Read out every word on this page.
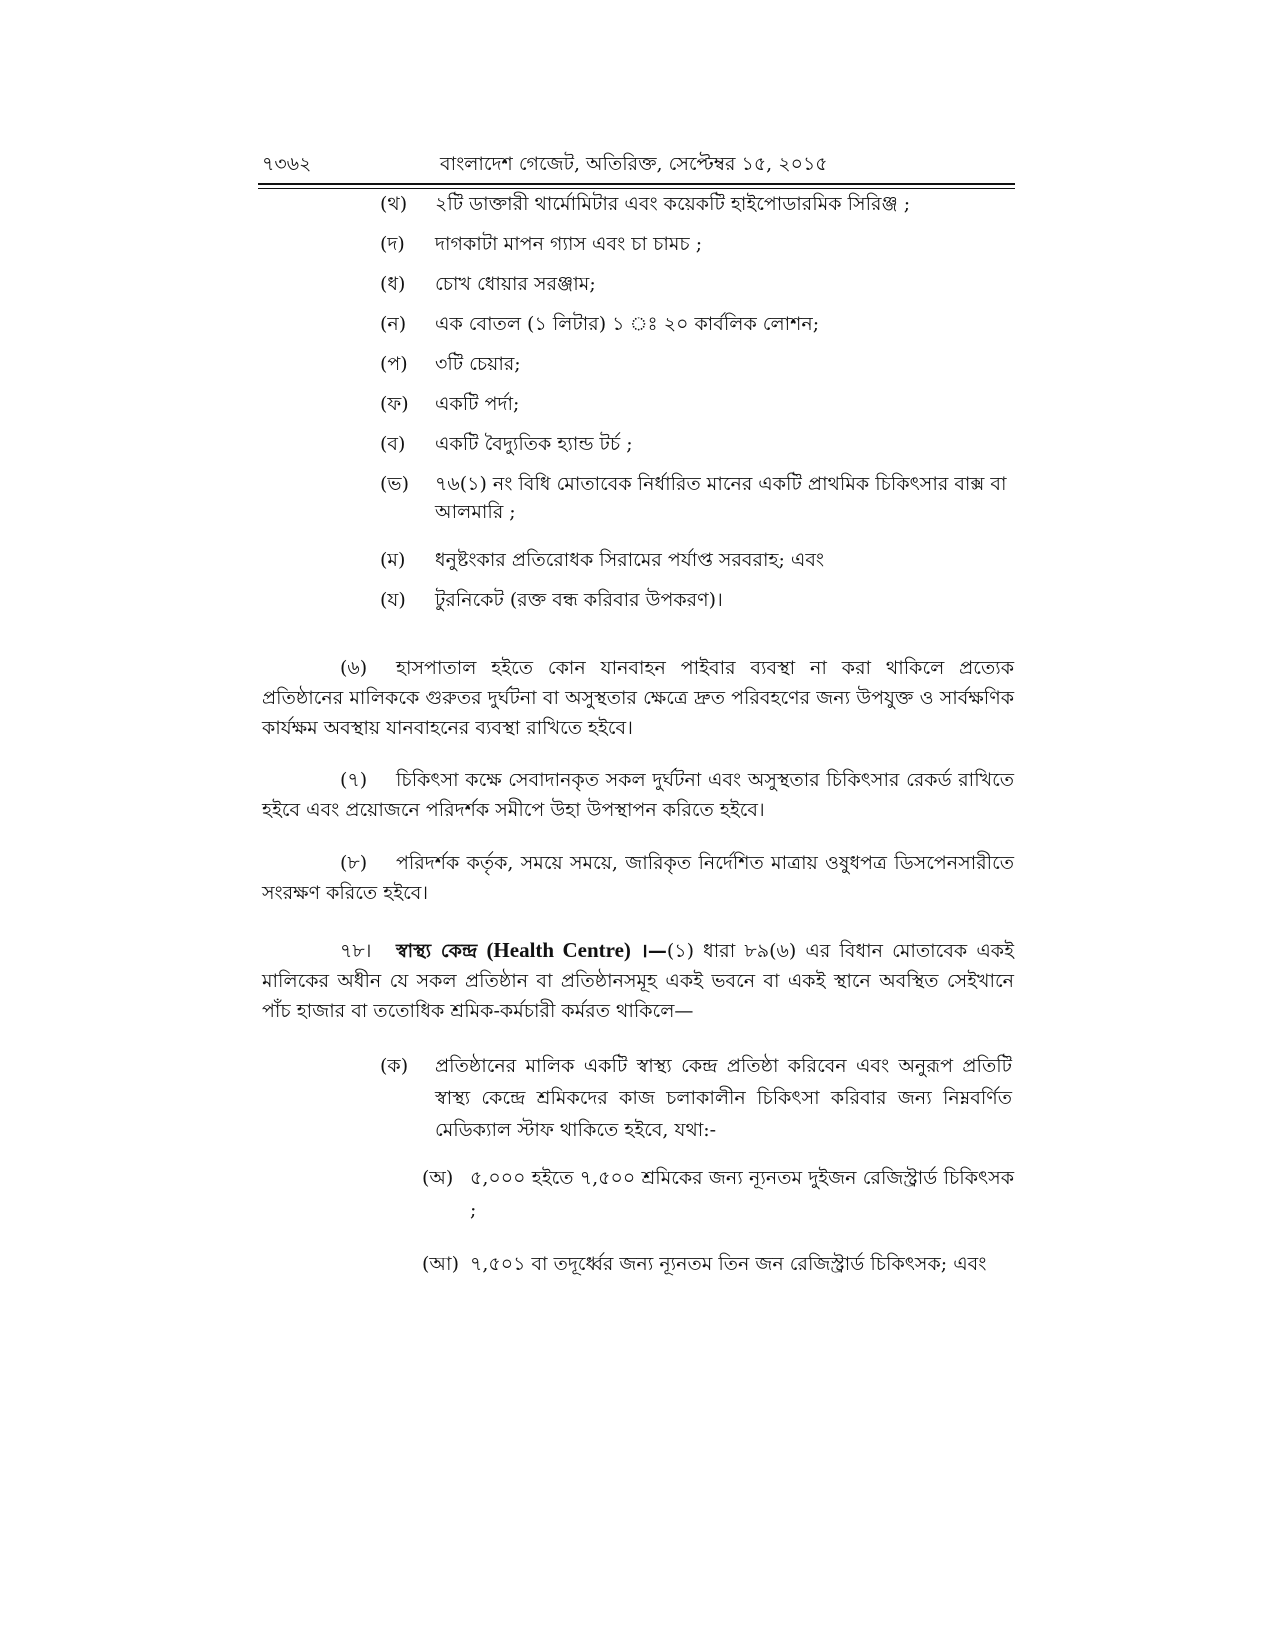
৭৩৬২	বাংলাদেশ গেজেট, অতিরিক্ত, সেপ্টেম্বর ১৫, ২০১৫
(থ) ২টি ডাক্তারী থার্মোমিটার এবং কয়েকটি হাইপোডারমিক সিরিঞ্জ ;
(দ) দাগকাটা মাপন গ্যাস এবং চা চামচ ;
(ধ) চোখ ধোয়ার সরঞ্জাম;
(ন) এক বোতল (১ লিটার) ১ ঃ ২০ কার্বলিক লোশন;
(প) ৩টি চেয়ার;
(ফ) একটি পর্দা;
(ব) একটি বৈদ্যুতিক হ্যান্ড টর্চ ;
(ভ) ৭৬(১) নং বিধি মোতাবেক নির্ধারিত মানের একটি প্রাথমিক চিকিৎসার বাক্স বা আলমারি ;
(ম) ধনুষ্টংকার প্রতিরোধক সিরামের পর্যাপ্ত সরবরাহ; এবং
(য) টুরনিকেট (রক্ত বন্ধ করিবার উপকরণ)।
(৬) হাসপাতাল হইতে কোন যানবাহন পাইবার ব্যবস্থা না করা থাকিলে প্রত্যেক প্রতিষ্ঠানের মালিককে গুরুতর দুর্ঘটনা বা অসুস্থতার ক্ষেত্রে দ্রুত পরিবহণের জন্য উপযুক্ত ও সার্বক্ষণিক কার্যক্ষম অবস্থায় যানবাহনের ব্যবস্থা রাখিতে হইবে।
(৭) চিকিৎসা কক্ষে সেবাদানকৃত সকল দুর্ঘটনা এবং অসুস্থতার চিকিৎসার রেকর্ড রাখিতে হইবে এবং প্রয়োজনে পরিদর্শক সমীপে উহা উপস্থাপন করিতে হইবে।
(৮) পরিদর্শক কর্তৃক, সময়ে সময়ে, জারিকৃত নির্দেশিত মাত্রায় ওষুধপত্র ডিসপেনসারীতে সংরক্ষণ করিতে হইবে।
৭৮। স্বাস্থ্য কেন্দ্র (Health Centre) ।—(১) ধারা ৮৯(৬) এর বিধান মোতাবেক একই মালিকের অধীন যে সকল প্রতিষ্ঠান বা প্রতিষ্ঠানসমূহ একই ভবনে বা একই স্থানে অবস্থিত সেইখানে পাঁচ হাজার বা ততোধিক শ্রমিক-কর্মচারী কর্মরত থাকিলে—
(ক) প্রতিষ্ঠানের মালিক একটি স্বাস্থ্য কেন্দ্র প্রতিষ্ঠা করিবেন এবং অনুরূপ প্রতিটি স্বাস্থ্য কেন্দ্রে শ্রমিকদের কাজ চলাকালীন চিকিৎসা করিবার জন্য নিম্নবর্ণিত মেডিক্যাল স্টাফ থাকিতে হইবে, যথা:-
(অ) ৫,০০০ হইতে ৭,৫০০ শ্রমিকের জন্য ন্যূনতম দুইজন রেজিস্ট্রার্ড চিকিৎসক ;
(আ) ৭,৫০১ বা তদূর্ধ্বের জন্য ন্যূনতম তিন জন রেজিস্ট্রার্ড চিকিৎসক; এবং
